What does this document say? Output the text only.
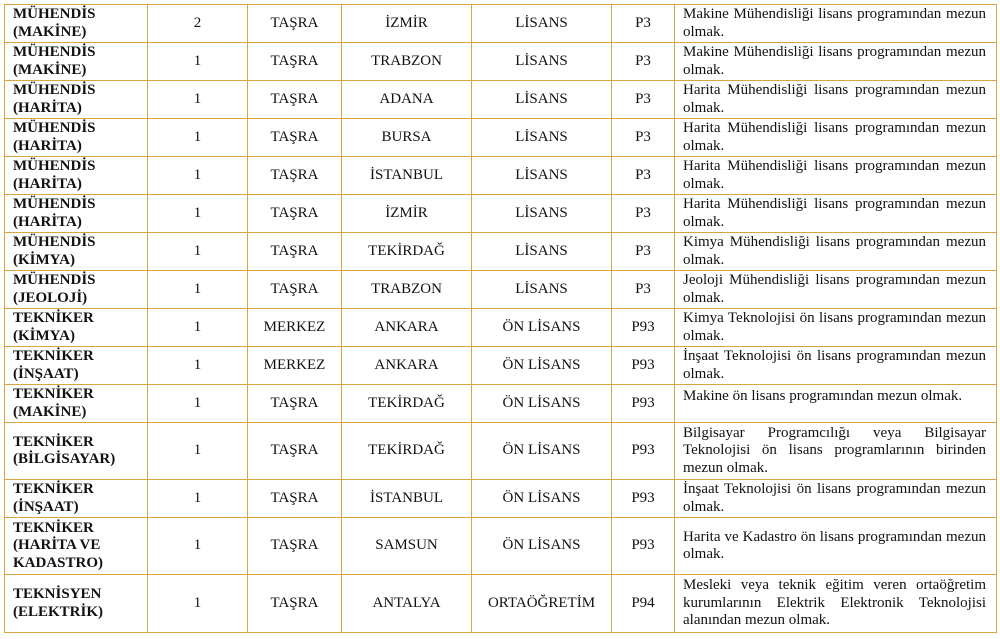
MÜHENDİS (MAKİNE)	2	TAŞRA	İZMİR	LİSANS	P3	Makine Mühendisliği lisans programından mezun olmak.
MÜHENDİS (MAKİNE)	1	TAŞRA	TRABZON	LİSANS	P3	Makine Mühendisliği lisans programından mezun olmak.
MÜHENDİS (HARİTA)	1	TAŞRA	ADANA	LİSANS	P3	Harita Mühendisliği lisans programından mezun olmak.
MÜHENDİS (HARİTA)	1	TAŞRA	BURSA	LİSANS	P3	Harita Mühendisliği lisans programından mezun olmak.
MÜHENDİS (HARİTA)	1	TAŞRA	İSTANBUL	LİSANS	P3	Harita Mühendisliği lisans programından mezun olmak.
MÜHENDİS (HARİTA)	1	TAŞRA	İZMİR	LİSANS	P3	Harita Mühendisliği lisans programından mezun olmak.
MÜHENDİS (KİMYA)	1	TAŞRA	TEKİRDAĞ	LİSANS	P3	Kimya Mühendisliği lisans programından mezun olmak.
MÜHENDİS (JEOLOJİ)	1	TAŞRA	TRABZON	LİSANS	P3	Jeoloji Mühendisliği lisans programından mezun olmak.
TEKNİKER (KİMYA)	1	MERKEZ	ANKARA	ÖN LİSANS	P93	Kimya Teknolojisi ön lisans programından mezun olmak.
TEKNİKER (İNŞAAT)	1	MERKEZ	ANKARA	ÖN LİSANS	P93	İnşaat Teknolojisi ön lisans programından mezun olmak.
TEKNİKER (MAKİNE)	1	TAŞRA	TEKİRDAĞ	ÖN LİSANS	P93	Makine ön lisans programından mezun olmak.
TEKNİKER (BİLGİSAYAR)	1	TAŞRA	TEKİRDAĞ	ÖN LİSANS	P93	Bilgisayar Programcılığı veya Bilgisayar Teknolojisi ön lisans programlarının birinden mezun olmak.
TEKNİKER (İNŞAAT)	1	TAŞRA	İSTANBUL	ÖN LİSANS	P93	İnşaat Teknolojisi ön lisans programından mezun olmak.
TEKNİKER (HARİTA VE KADASTRO)	1	TAŞRA	SAMSUN	ÖN LİSANS	P93	Harita ve Kadastro ön lisans programından mezun olmak.
TEKNİSYEN (ELEKTRİK)	1	TAŞRA	ANTALYA	ORTAÖĞRETİM	P94	Mesleki veya teknik eğitim veren ortaöğretim kurumlarının Elektrik Elektronik Teknolojisi alanından mezun olmak.
